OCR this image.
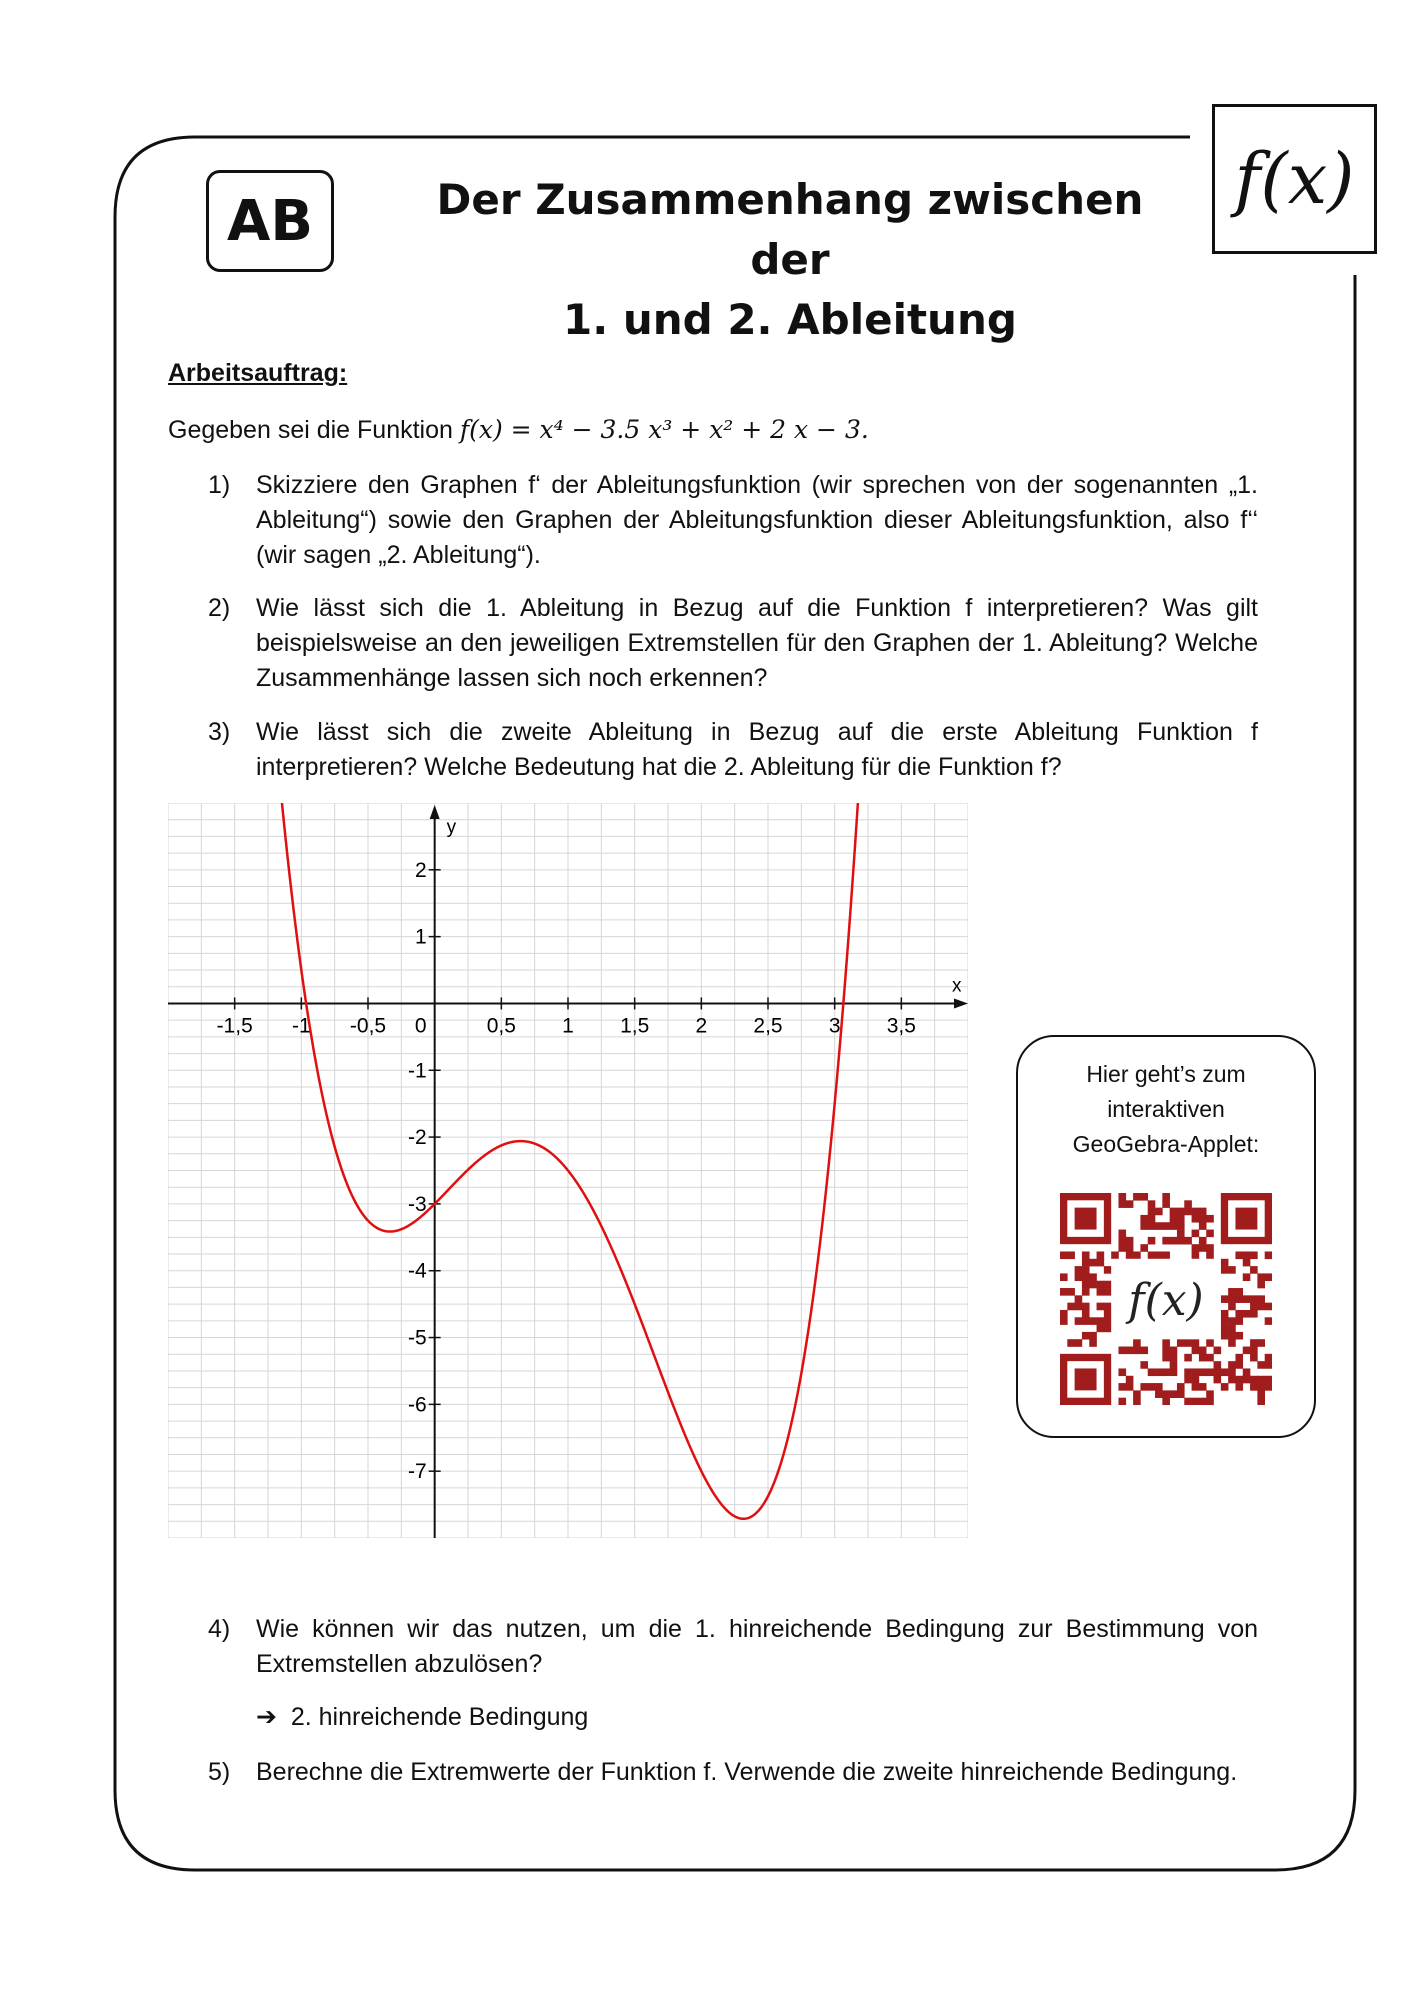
AB	Der Zusammenhang zwischen der
1. und 2. Ableitung
f(x)
Arbeitsauftrag:
Gegeben sei die Funktion f(x) = x⁴ − 3.5 x³ + x² + 2 x − 3.
1) Skizziere den Graphen f‘ der Ableitungsfunktion (wir sprechen von der sogenannten „1. Ableitung“) sowie den Graphen der Ableitungsfunktion dieser Ableitungsfunktion, also f‘‘ (wir sagen „2. Ableitung“).
2) Wie lässt sich die 1. Ableitung in Bezug auf die Funktion f interpretieren? Was gilt beispielsweise an den jeweiligen Extremstellen für den Graphen der 1. Ableitung? Welche Zusammenhänge lassen sich noch erkennen?
3) Wie lässt sich die zweite Ableitung in Bezug auf die erste Ableitung Funktion f interpretieren? Welche Bedeutung hat die 2. Ableitung für die Funktion f?
x
y
-1,5 -1 -0,5 0	0,5 1 1,5 2 2,5 3 3,5
2
1
-1
-2
-3
-4
-5
-6
-7
Hier geht’s zum
interaktiven
GeoGebra-Applet:
f(x)
4) Wie können wir das nutzen, um die 1. hinreichende Bedingung zur Bestimmung von Extremstellen abzulösen?
➔ 2. hinreichende Bedingung
5) Berechne die Extremwerte der Funktion f. Verwende die zweite hinreichende Bedingung.
